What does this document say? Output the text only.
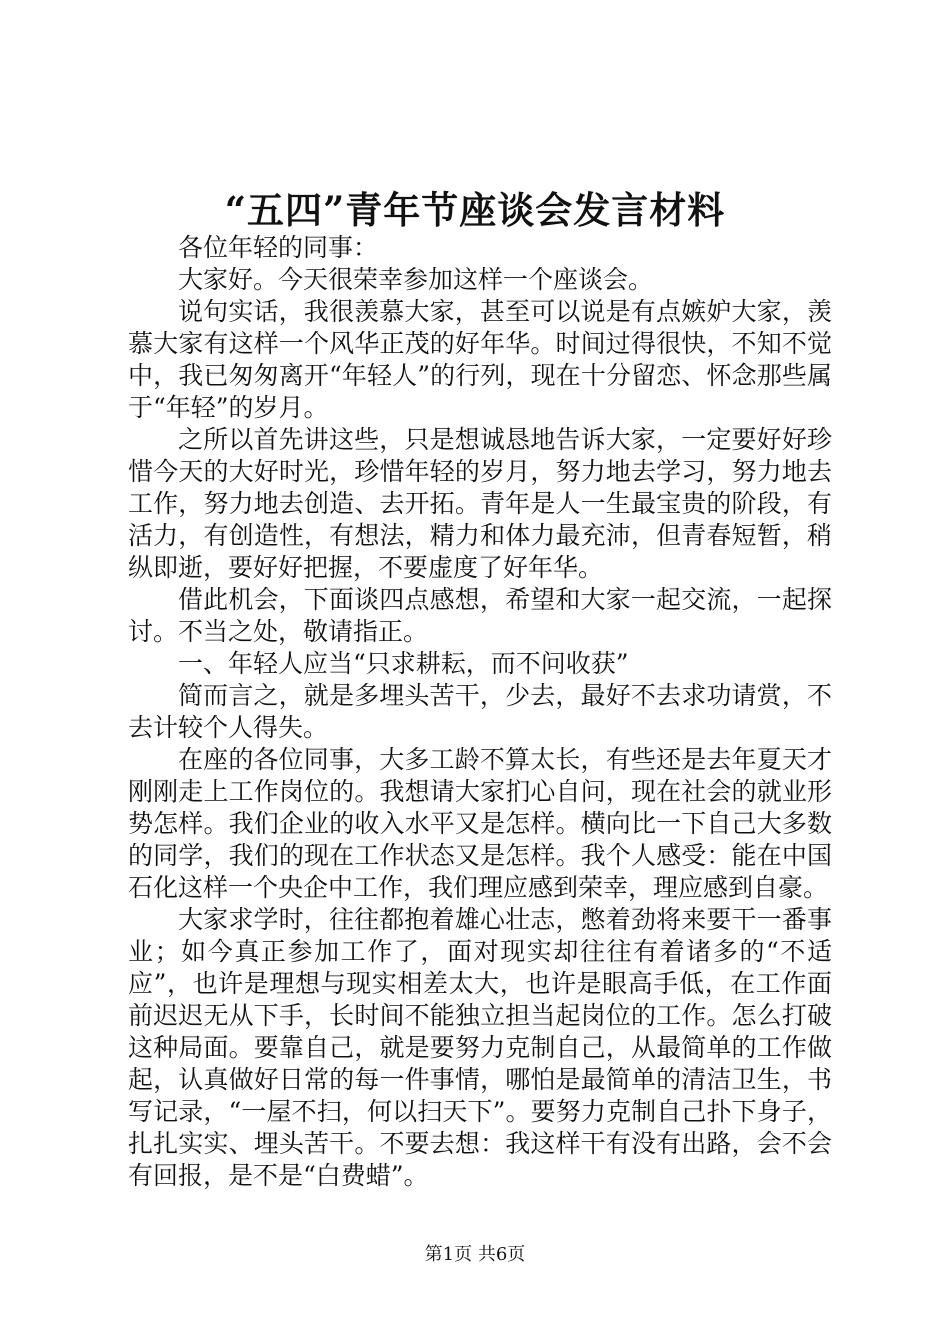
“五四”青年节座谈会发言材料

各位年轻的同事：

大家好。今天很荣幸参加这样一个座谈会。

说句实话，我很羡慕大家，甚至可以说是有点嫉妒大家，羡慕大家有这样一个风华正茂的好年华。时间过得很快，不知不觉中，我已匆匆离开“年轻人”的行列，现在十分留恋、怀念那些属于“年轻”的岁月。

之所以首先讲这些，只是想诚恳地告诉大家，一定要好好珍惜今天的大好时光，珍惜年轻的岁月，努力地去学习，努力地去工作，努力地去创造、去开拓。青年是人一生最宝贵的阶段，有活力，有创造性，有想法，精力和体力最充沛，但青春短暂，稍纵即逝，要好好把握，不要虚度了好年华。

借此机会，下面谈四点感想，希望和大家一起交流，一起探讨。不当之处，敬请指正。

一、年轻人应当“只求耕耘，而不问收获”

简而言之，就是多埋头苦干，少去，最好不去求功请赏，不去计较个人得失。

在座的各位同事，大多工龄不算太长，有些还是去年夏天才刚刚走上工作岗位的。我想请大家扪心自问，现在社会的就业形势怎样。我们企业的收入水平又是怎样。横向比一下自己大多数的同学，我们的现在工作状态又是怎样。我个人感受：能在中国石化这样一个央企中工作，我们理应感到荣幸，理应感到自豪。

大家求学时，往往都抱着雄心壮志，憋着劲将来要干一番事业；如今真正参加工作了，面对现实却往往有着诸多的“不适应”，也许是理想与现实相差太大，也许是眼高手低，在工作面前迟迟无从下手，长时间不能独立担当起岗位的工作。怎么打破这种局面。要靠自己，就是要努力克制自己，从最简单的工作做起，认真做好日常的每一件事情，哪怕是最简单的清洁卫生，书写记录，“一屋不扫，何以扫天下”。要努力克制自己扑下身子，扎扎实实、埋头苦干。不要去想：我这样干有没有出路，会不会有回报，是不是“白费蜡”。

第1页 共6页
